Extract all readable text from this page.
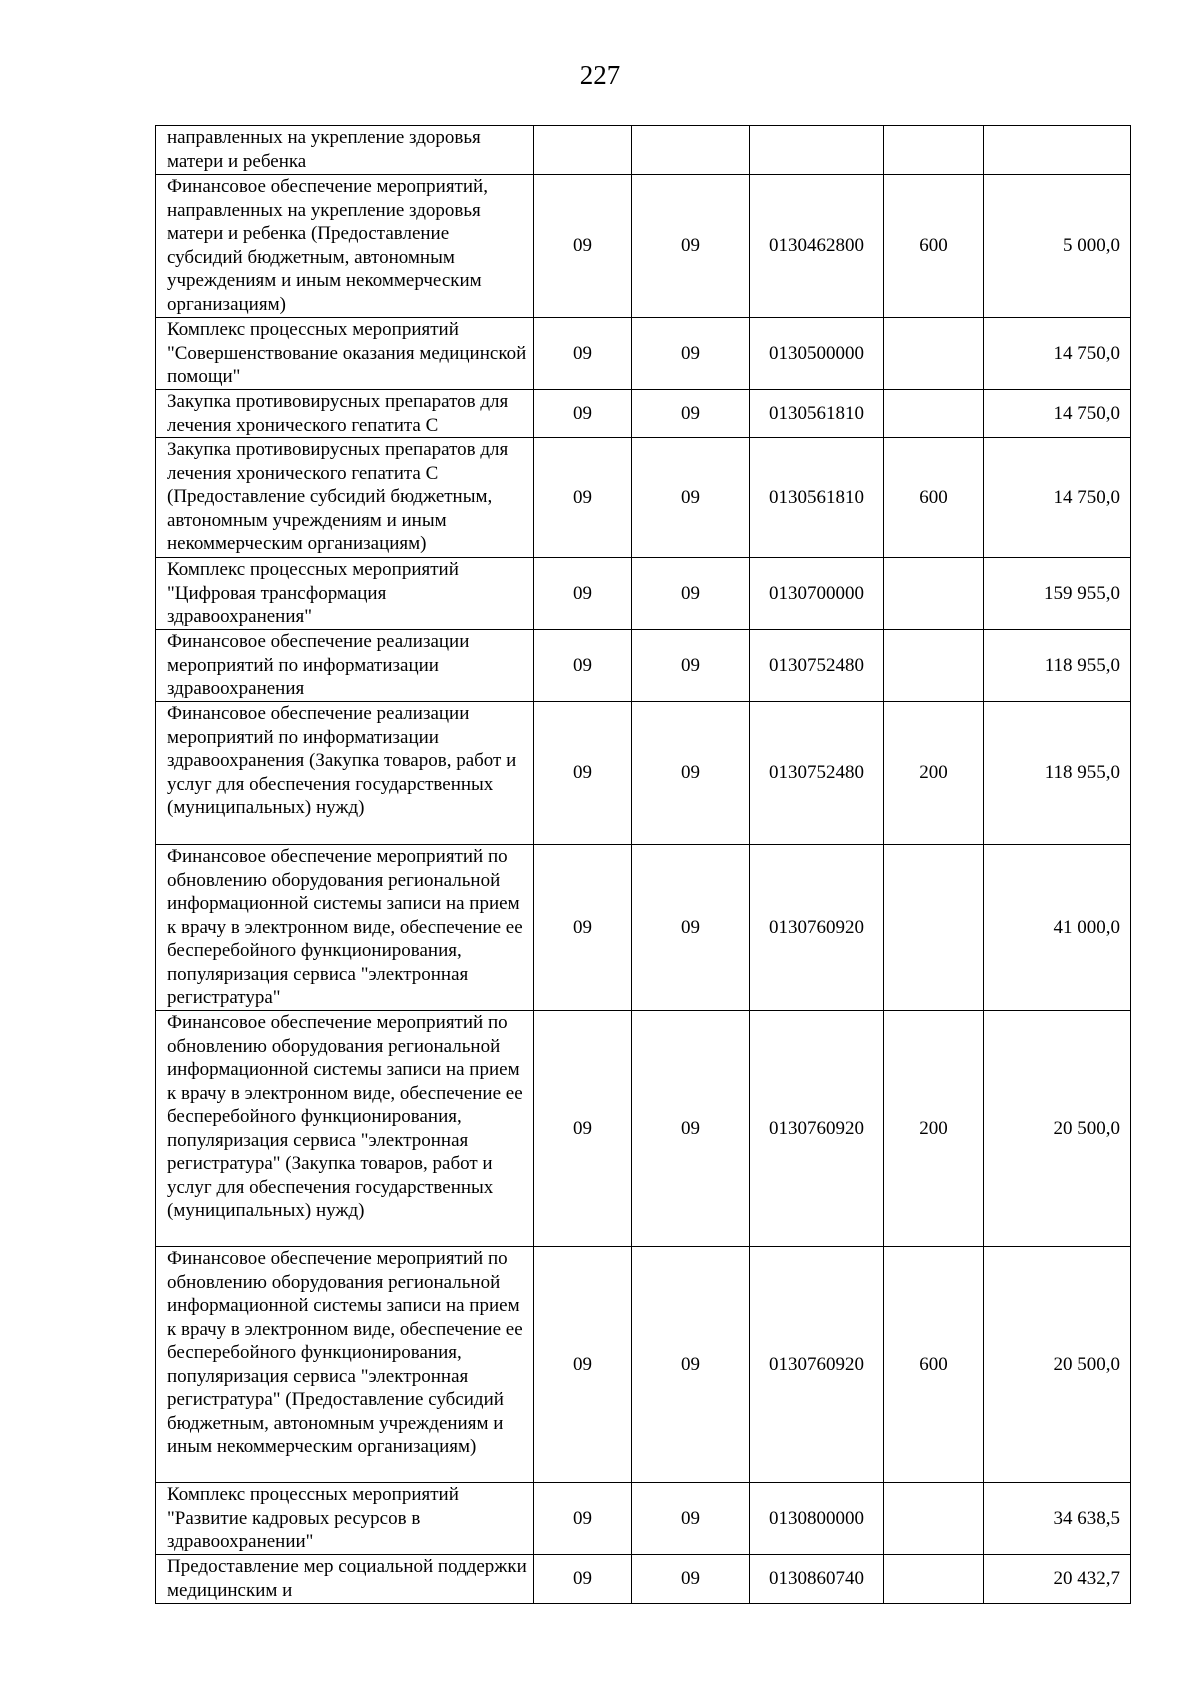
227
направленных на укрепление здоровья матери и ребенка					
Финансовое обеспечение мероприятий, направленных на укрепление здоровья матери и ребенка (Предоставление субсидий бюджетным, автономным учреждениям и иным некоммерческим организациям)	09	09	0130462800	600	5 000,0
Комплекс процессных мероприятий "Совершенствование оказания медицинской помощи"	09	09	0130500000		14 750,0
Закупка противовирусных препаратов для лечения хронического гепатита С	09	09	0130561810		14 750,0
Закупка противовирусных препаратов для лечения хронического гепатита С (Предоставление субсидий бюджетным, автономным учреждениям и иным некоммерческим организациям)	09	09	0130561810	600	14 750,0
Комплекс процессных мероприятий "Цифровая трансформация здравоохранения"	09	09	0130700000		159 955,0
Финансовое обеспечение реализации мероприятий по информатизации здравоохранения	09	09	0130752480		118 955,0
Финансовое обеспечение реализации мероприятий по информатизации здравоохранения (Закупка товаров, работ и услуг для обеспечения государственных (муниципальных) нужд)	09	09	0130752480	200	118 955,0
Финансовое обеспечение мероприятий по обновлению оборудования региональной информационной системы записи на прием к врачу в электронном виде, обеспечение ее бесперебойного функционирования, популяризация сервиса "электронная регистратура"	09	09	0130760920		41 000,0
Финансовое обеспечение мероприятий по обновлению оборудования региональной информационной системы записи на прием к врачу в электронном виде, обеспечение ее бесперебойного функционирования, популяризация сервиса "электронная регистратура" (Закупка товаров, работ и услуг для обеспечения государственных (муниципальных) нужд)	09	09	0130760920	200	20 500,0
Финансовое обеспечение мероприятий по обновлению оборудования региональной информационной системы записи на прием к врачу в электронном виде, обеспечение ее бесперебойного функционирования, популяризация сервиса "электронная регистратура" (Предоставление субсидий бюджетным, автономным учреждениям и иным некоммерческим организациям)	09	09	0130760920	600	20 500,0
Комплекс процессных мероприятий "Развитие кадровых ресурсов в здравоохранении"	09	09	0130800000		34 638,5
Предоставление мер социальной поддержки медицинским и	09	09	0130860740		20 432,7
